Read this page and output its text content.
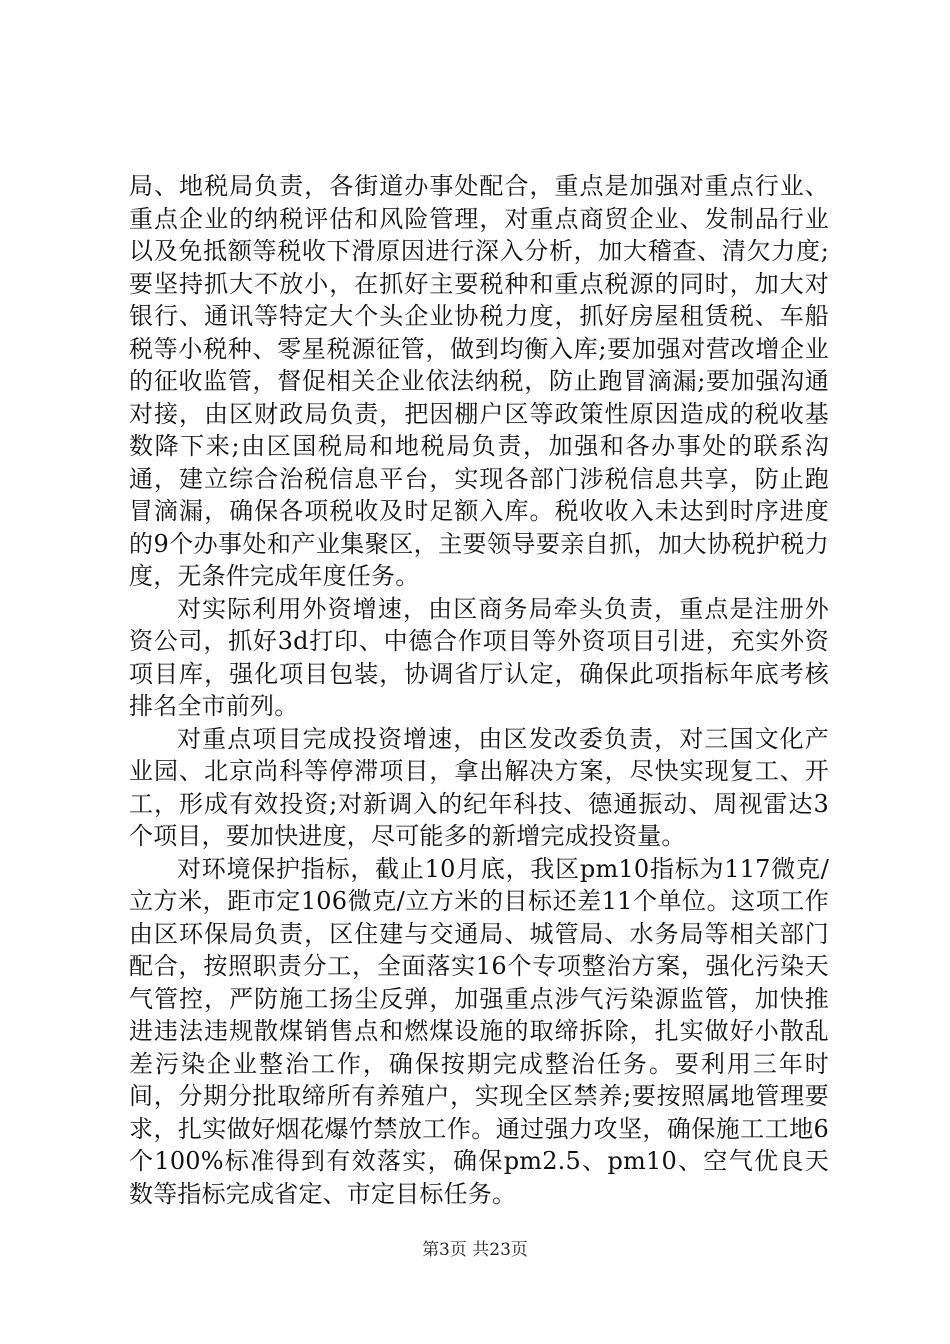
局、地税局负责，各街道办事处配合，重点是加强对重点行业、重点企业的纳税评估和风险管理，对重点商贸企业、发制品行业以及免抵额等税收下滑原因进行深入分析，加大稽查、清欠力度;要坚持抓大不放小，在抓好主要税种和重点税源的同时，加大对银行、通讯等特定大个头企业协税力度，抓好房屋租赁税、车船税等小税种、零星税源征管，做到均衡入库;要加强对营改增企业的征收监管，督促相关企业依法纳税，防止跑冒滴漏;要加强沟通对接，由区财政局负责，把因棚户区等政策性原因造成的税收基数降下来;由区国税局和地税局负责，加强和各办事处的联系沟通，建立综合治税信息平台，实现各部门涉税信息共享，防止跑冒滴漏，确保各项税收及时足额入库。税收收入未达到时序进度的9个办事处和产业集聚区，主要领导要亲自抓，加大协税护税力度，无条件完成年度任务。

对实际利用外资增速，由区商务局牵头负责，重点是注册外资公司，抓好3d打印、中德合作项目等外资项目引进，充实外资项目库，强化项目包装，协调省厅认定，确保此项指标年底考核排名全市前列。

对重点项目完成投资增速，由区发改委负责，对三国文化产业园、北京尚科等停滞项目，拿出解决方案，尽快实现复工、开工，形成有效投资;对新调入的纪年科技、德通振动、周视雷达3个项目，要加快进度，尽可能多的新增完成投资量。

对环境保护指标，截止10月底，我区pm10指标为117微克/立方米，距市定106微克/立方米的目标还差11个单位。这项工作由区环保局负责，区住建与交通局、城管局、水务局等相关部门配合，按照职责分工，全面落实16个专项整治方案，强化污染天气管控，严防施工扬尘反弹，加强重点涉气污染源监管，加快推进违法违规散煤销售点和燃煤设施的取缔拆除，扎实做好小散乱差污染企业整治工作，确保按期完成整治任务。要利用三年时间，分期分批取缔所有养殖户，实现全区禁养;要按照属地管理要求，扎实做好烟花爆竹禁放工作。通过强力攻坚，确保施工工地6个100%标准得到有效落实，确保pm2.5、pm10、空气优良天数等指标完成省定、市定目标任务。

第3页 共23页
